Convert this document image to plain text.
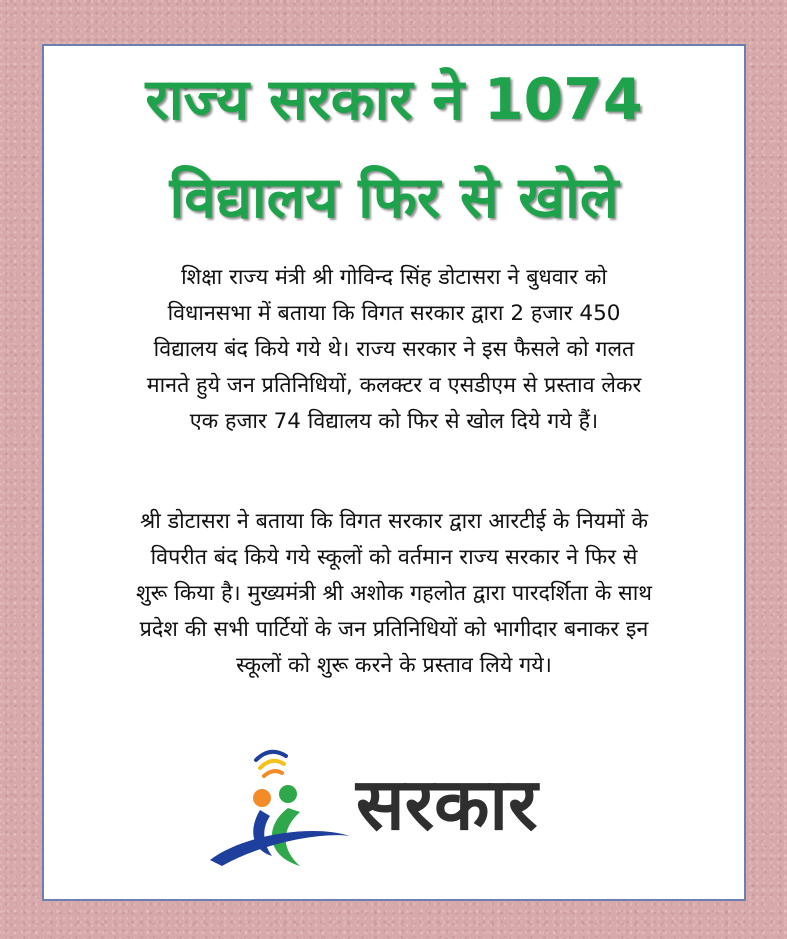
राज्य सरकार ने 1074
विद्यालय फिर से खोले

शिक्षा राज्य मंत्री श्री गोविन्द सिंह डोटासरा ने बुधवार को
विधानसभा में बताया कि विगत सरकार द्वारा 2 हजार 450
विद्यालय बंद किये गये थे। राज्य सरकार ने इस फैसले को गलत
मानते हुये जन प्रतिनिधियों, कलक्टर व एसडीएम से प्रस्ताव लेकर
एक हजार 74 विद्यालय को फिर से खोल दिये गये हैं।

श्री डोटासरा ने बताया कि विगत सरकार द्वारा आरटीई के नियमों के
विपरीत बंद किये गये स्कूलों को वर्तमान राज्य सरकार ने फिर से
शुरू किया है। मुख्यमंत्री श्री अशोक गहलोत द्वारा पारदर्शिता के साथ
प्रदेश की सभी पार्टियों के जन प्रतिनिधियों को भागीदार बनाकर इन
स्कूलों को शुरू करने के प्रस्ताव लिये गये।

सरकार
